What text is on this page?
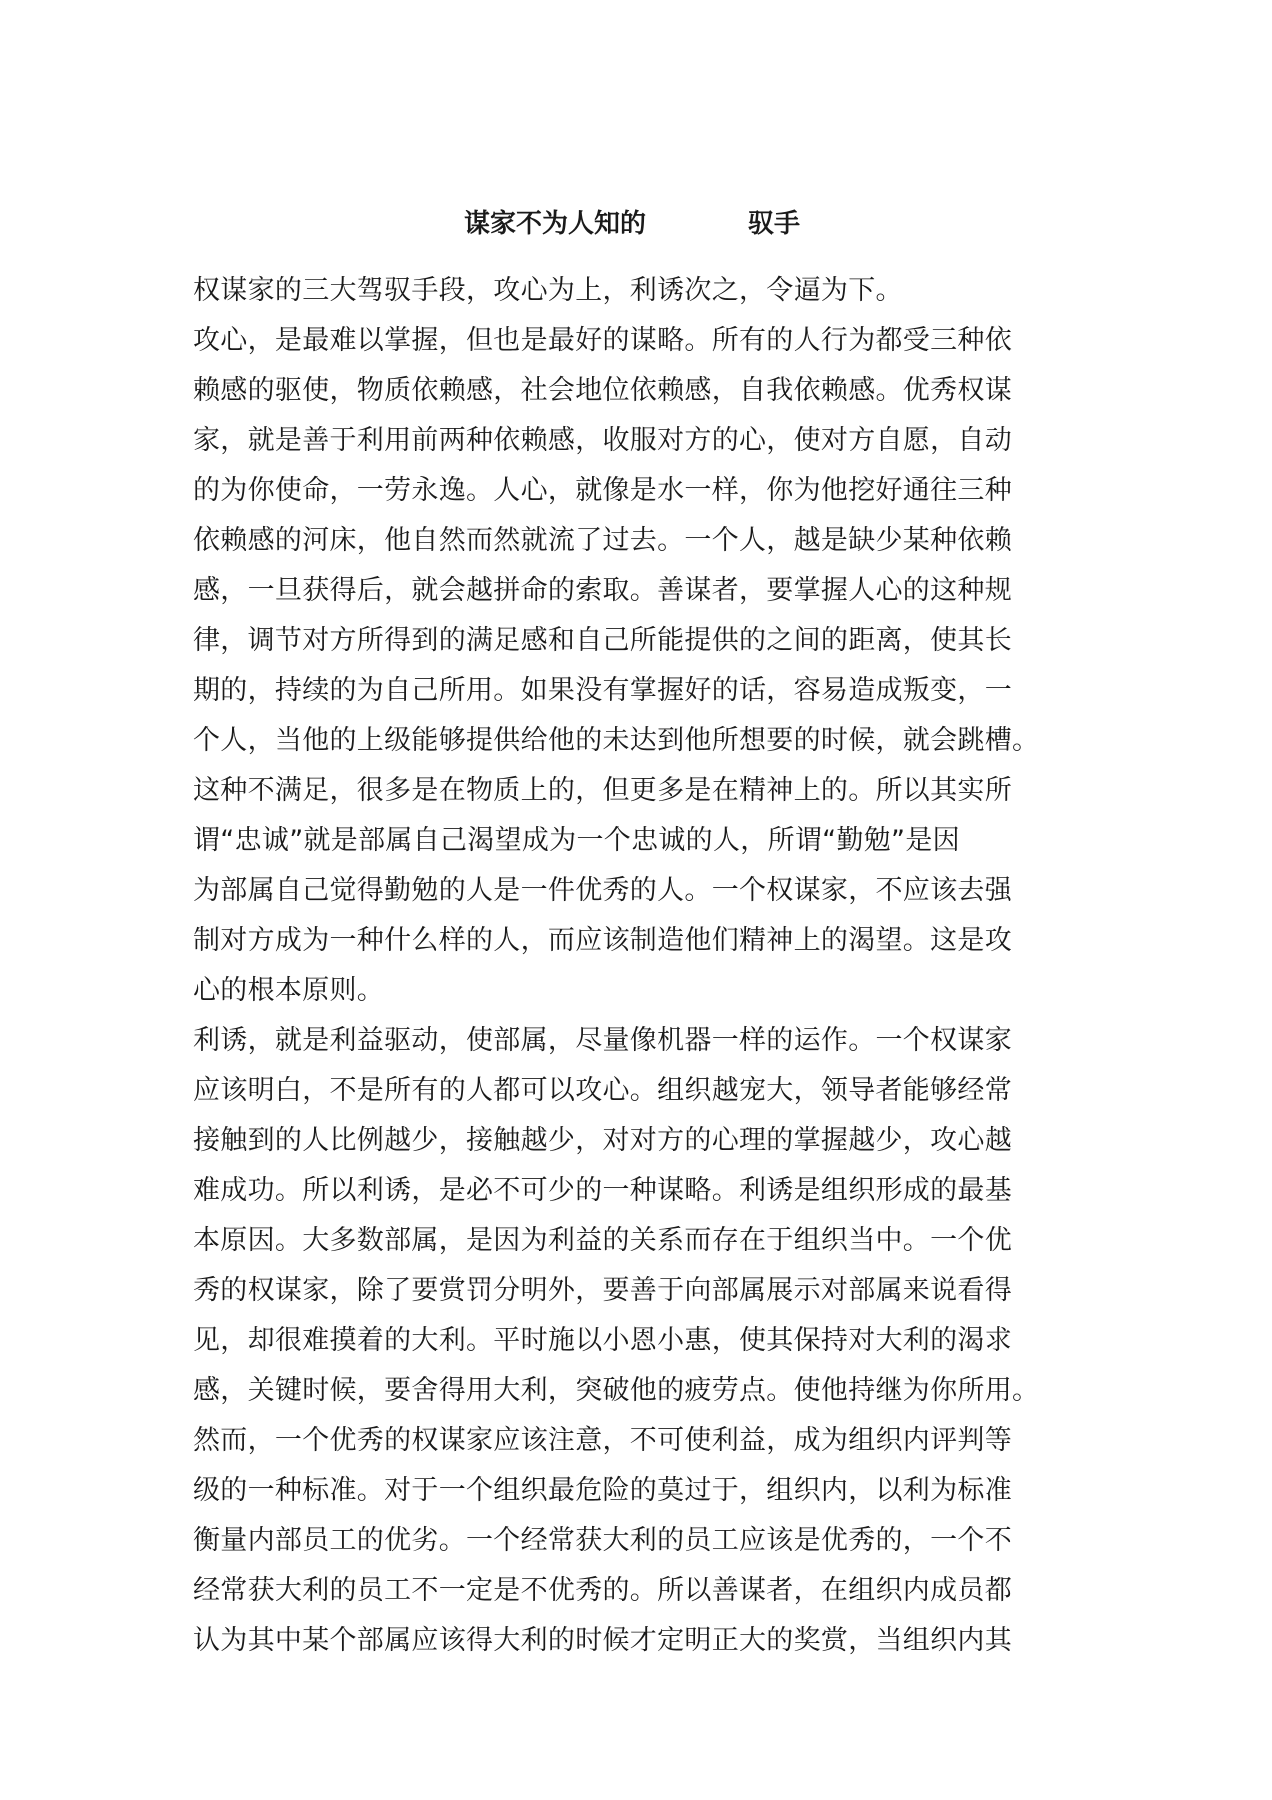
谋家不为人知的	驭手
权谋家的三大驾驭手段，攻心为上，利诱次之，令逼为下。
攻心，是最难以掌握，但也是最好的谋略。所有的人行为都受三种依
赖感的驱使，物质依赖感，社会地位依赖感，自我依赖感。优秀权谋
家，就是善于利用前两种依赖感，收服对方的心，使对方自愿，自动
的为你使命，一劳永逸。人心，就像是水一样，你为他挖好通往三种
依赖感的河床，他自然而然就流了过去。一个人，越是缺少某种依赖
感，一旦获得后，就会越拼命的索取。善谋者，要掌握人心的这种规
律，调节对方所得到的满足感和自己所能提供的之间的距离，使其长
期的，持续的为自己所用。如果没有掌握好的话，容易造成叛变，一
个人，当他的上级能够提供给他的未达到他所想要的时候，就会跳槽。
这种不满足，很多是在物质上的，但更多是在精神上的。所以其实所
谓“忠诚”就是部属自己渴望成为一个忠诚的人，所谓“勤勉”是因
为部属自己觉得勤勉的人是一件优秀的人。一个权谋家，不应该去强
制对方成为一种什么样的人，而应该制造他们精神上的渴望。这是攻
心的根本原则。
利诱，就是利益驱动，使部属，尽量像机器一样的运作。一个权谋家
应该明白，不是所有的人都可以攻心。组织越宠大，领导者能够经常
接触到的人比例越少，接触越少，对对方的心理的掌握越少，攻心越
难成功。所以利诱，是必不可少的一种谋略。利诱是组织形成的最基
本原因。大多数部属，是因为利益的关系而存在于组织当中。一个优
秀的权谋家，除了要赏罚分明外，要善于向部属展示对部属来说看得
见，却很难摸着的大利。平时施以小恩小惠，使其保持对大利的渴求
感，关键时候，要舍得用大利，突破他的疲劳点。使他持继为你所用。
然而，一个优秀的权谋家应该注意，不可使利益，成为组织内评判等
级的一种标准。对于一个组织最危险的莫过于，组织内，以利为标准
衡量内部员工的优劣。一个经常获大利的员工应该是优秀的，一个不
经常获大利的员工不一定是不优秀的。所以善谋者，在组织内成员都
认为其中某个部属应该得大利的时候才定明正大的奖赏，当组织内其
